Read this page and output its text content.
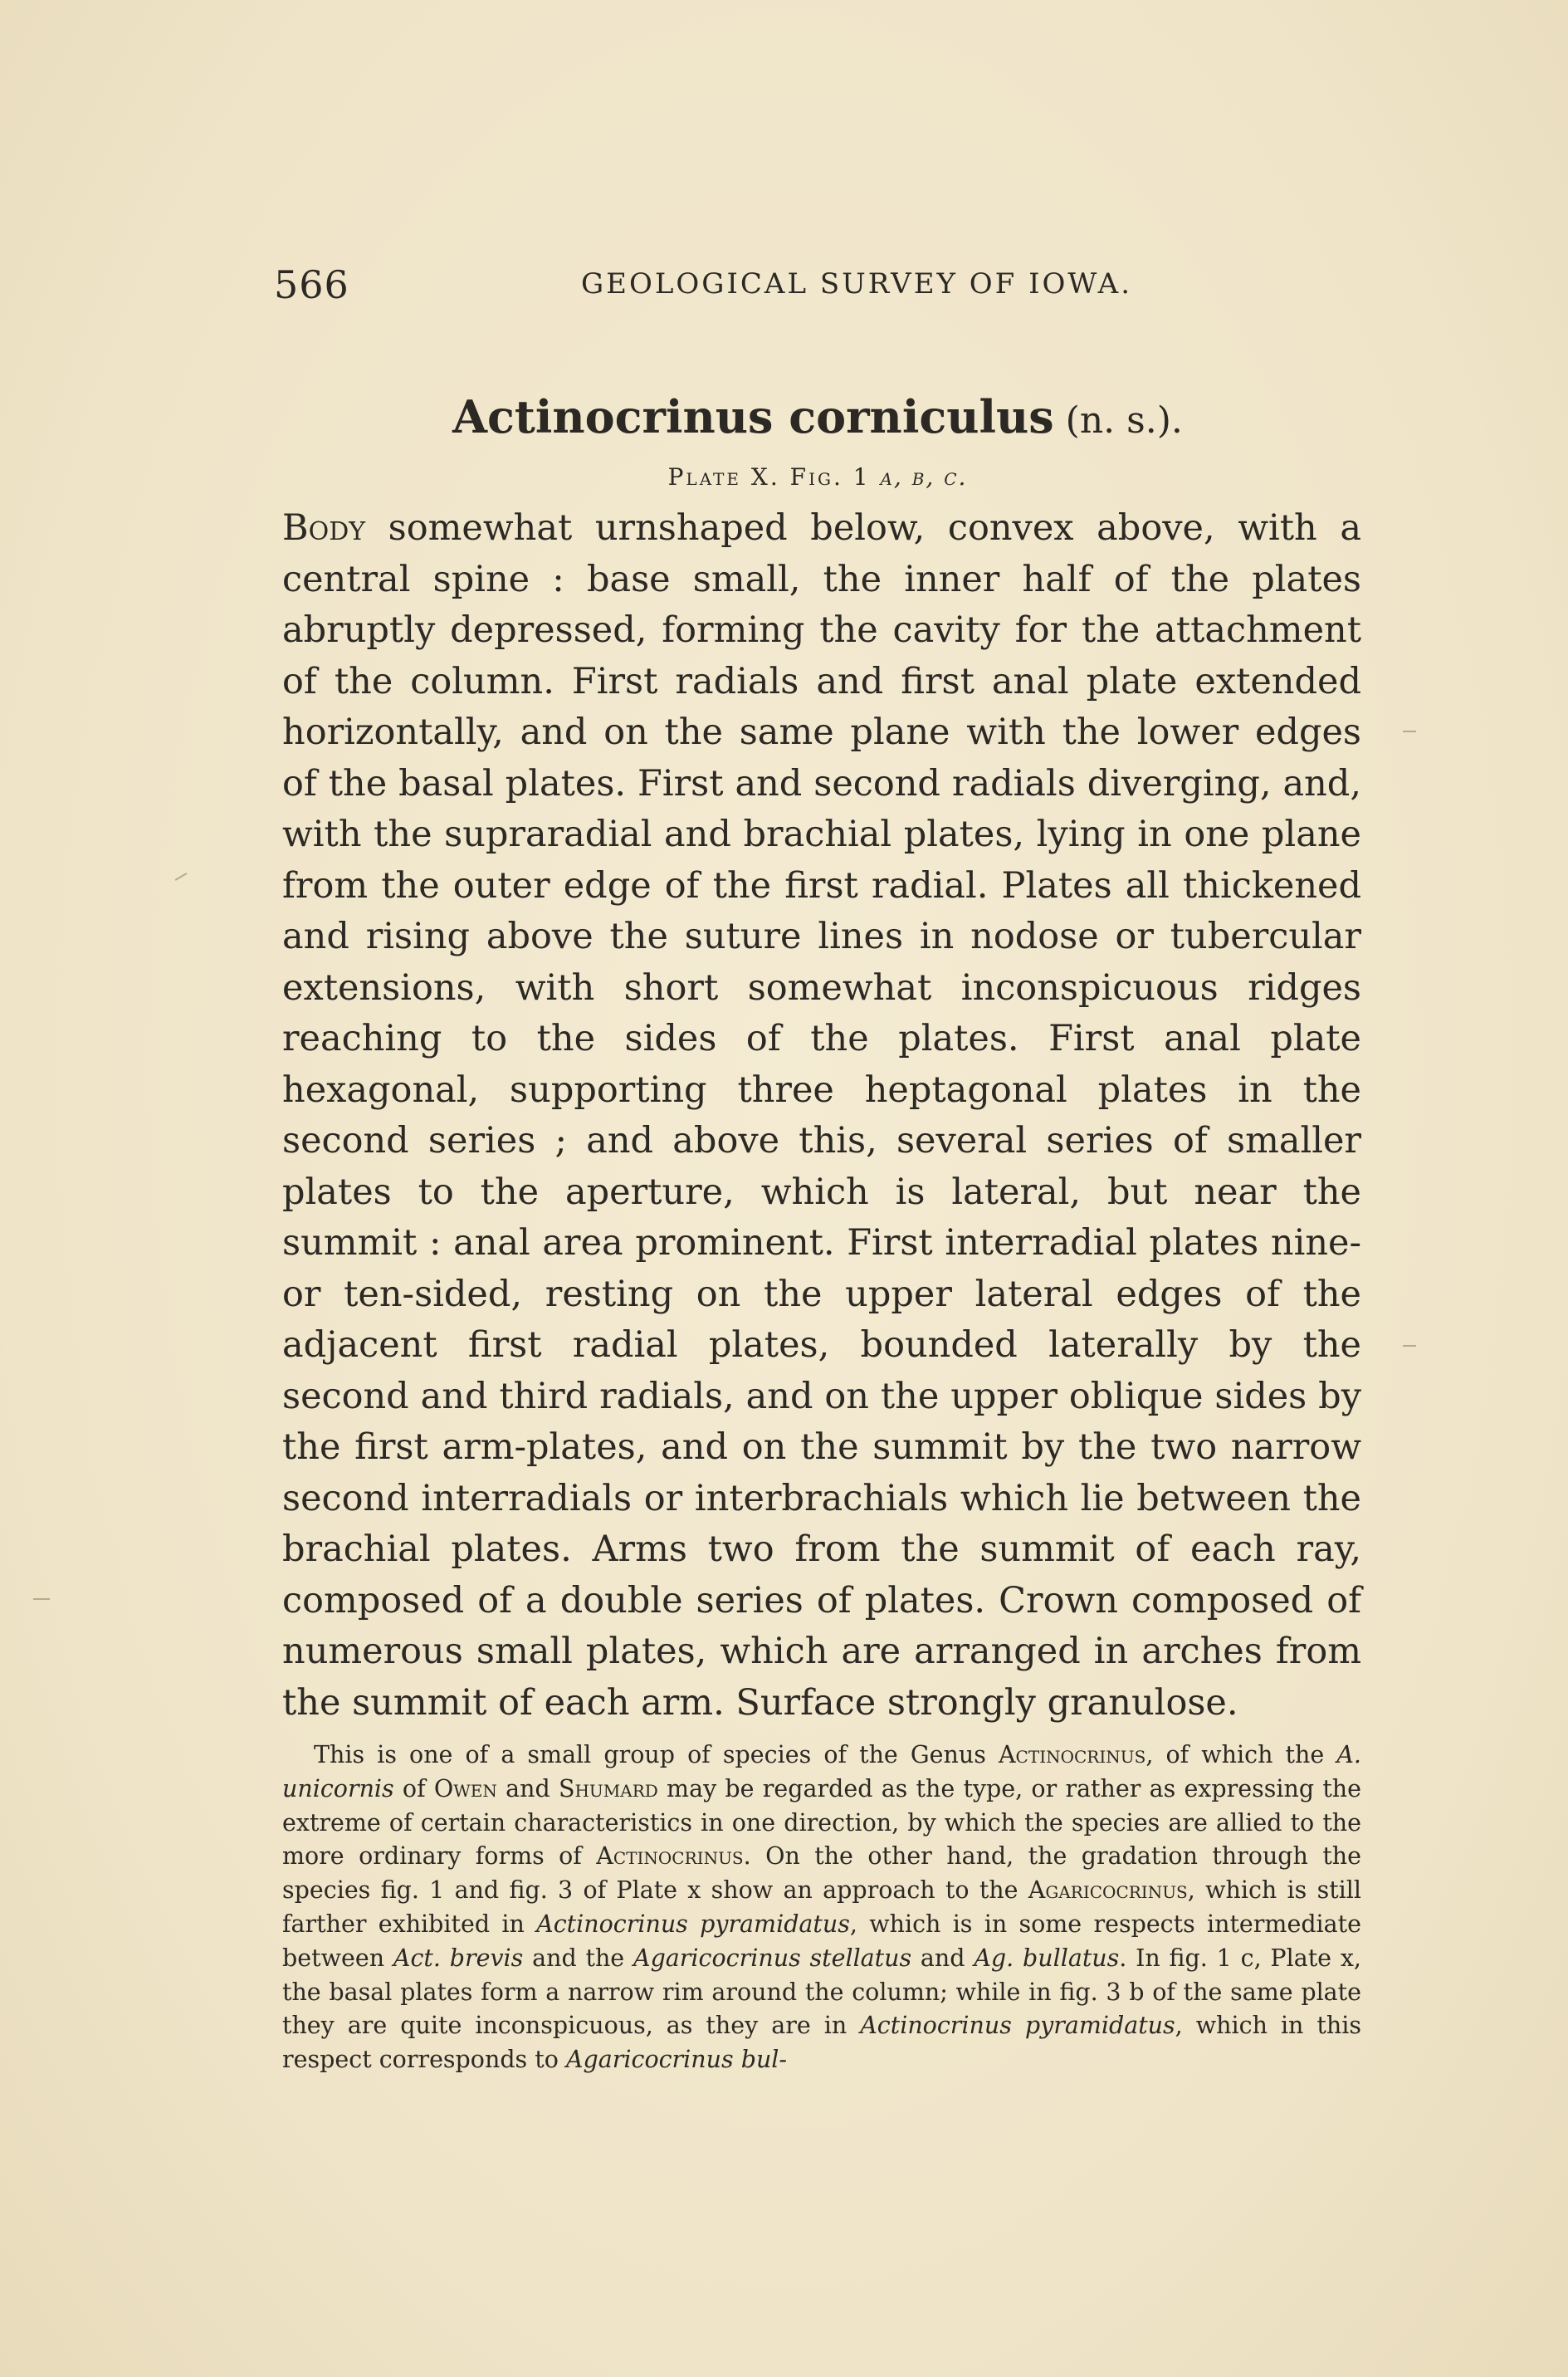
566	GEOLOGICAL SURVEY OF IOWA.
Actinocrinus corniculus (n. s.).
Plate X. Fig. 1 a, b, c.

Body somewhat urnshaped below, convex above, with a central spine : base small, the inner half of the plates abruptly depressed, forming the cavity for the attachment of the column. First radials and first anal plate extended horizontally, and on the same plane with the lower edges of the basal plates. First and second radials diverging, and, with the supraradial and brachial plates, lying in one plane from the outer edge of the first radial. Plates all thickened and rising above the suture lines in nodose or tubercular extensions, with short somewhat inconspicuous ridges reaching to the sides of the plates. First anal plate hexagonal, supporting three heptagonal plates in the second series ; and above this, several series of smaller plates to the aperture, which is lateral, but near the summit : anal area prominent. First interradial plates nine- or ten-sided, resting on the upper lateral edges of the adjacent first radial plates, bounded laterally by the second and third radials, and on the upper oblique sides by the first arm-plates, and on the summit by the two narrow second interradials or interbrachials which lie between the brachial plates. Arms two from the summit of each ray, composed of a double series of plates. Crown composed of numerous small plates, which are arranged in arches from the summit of each arm. Surface strongly granulose.

This is one of a small group of species of the Genus Actinocrinus, of which the A. unicornis of Owen and Shumard may be regarded as the type, or rather as expressing the extreme of certain characteristics in one direction, by which the species are allied to the more ordinary forms of Actinocrinus. On the other hand, the gradation through the species fig. 1 and fig. 3 of Plate x show an approach to the Agaricocrinus, which is still farther exhibited in Actinocrinus pyramidatus, which is in some respects intermediate between Act. brevis and the Agaricocrinus stellatus and Ag. bullatus. In fig. 1 c, Plate x, the basal plates form a narrow rim around the column; while in fig. 3 b of the same plate they are quite inconspicuous, as they are in Actinocrinus pyramidatus, which in this respect corresponds to Agaricocrinus bul-
